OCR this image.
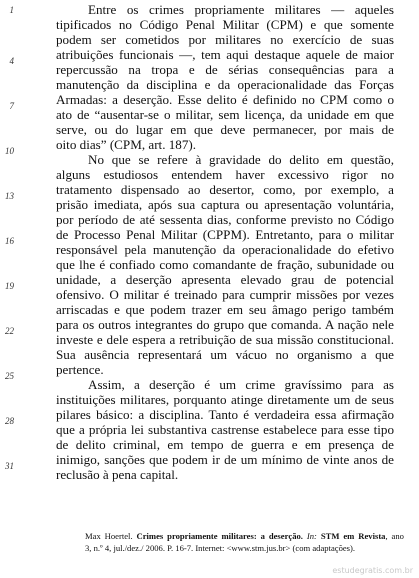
Entre os crimes propriamente militares — aqueles
tipificados no Código Penal Militar (CPM) e que somente
podem ser cometidos por militares no exercício de suas
atribuições funcionais —, tem aqui destaque aquele de maior
repercussão na tropa e de sérias consequências para a
manutenção da disciplina e da operacionalidade das Forças
Armadas: a deserção. Esse delito é definido no CPM como o
ato de “ausentar-se o militar, sem licença, da unidade em que
serve, ou do lugar em que deve permanecer, por mais de
oito dias” (CPM, art. 187).
No que se refere à gravidade do delito em questão,
alguns estudiosos entendem haver excessivo rigor no
tratamento dispensado ao desertor, como, por exemplo, a
prisão imediata, após sua captura ou apresentação voluntária,
por período de até sessenta dias, conforme previsto no Código
de Processo Penal Militar (CPPM). Entretanto, para o militar
responsável pela manutenção da operacionalidade do efetivo
que lhe é confiado como comandante de fração, subunidade ou
unidade, a deserção apresenta elevado grau de potencial
ofensivo. O militar é treinado para cumprir missões por vezes
arriscadas e que podem trazer em seu âmago perigo também
para os outros integrantes do grupo que comanda. A nação nele
investe e dele espera a retribuição de sua missão constitucional.
Sua ausência representará um vácuo no organismo a que
pertence.
Assim, a deserção é um crime gravíssimo para as
instituições militares, porquanto atinge diretamente um de seus
pilares básico: a disciplina. Tanto é verdadeira essa afirmação
que a própria lei substantiva castrense estabelece para esse tipo
de delito criminal, em tempo de guerra e em presença de
inimigo, sanções que podem ir de um mínimo de vinte anos de
reclusão à pena capital.
1
4
7
10
13
16
19
22
25
28
31
Max Hoertel. Crimes propriamente militares: a deserção. In: STM em Revista, ano
3, n.º 4, jul./dez./ 2006. P. 16-7. Internet: <www.stm.jus.br> (com adaptações).
estudegratis.com.br
